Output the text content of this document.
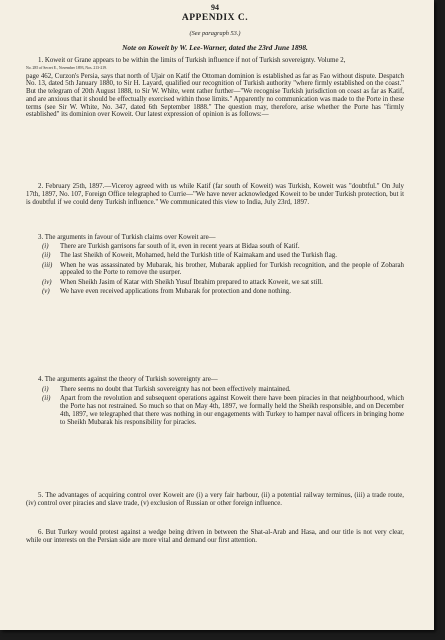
94
APPENDIX C.
(See paragraph 53.)
Note on Koweit by W. Lee-Warner, dated the 23rd June 1898.

1. Koweit or Grane appears to be within the limits of Turkish influence if not of Turkish sovereignty. Volume 2,

No. 285 of Secret E., November 1893, Nos. 213-219.

page 462, Curzon's Persia, says that north of Ujair on Katif the Ottoman dominion is established as far as Fao without dispute. Despatch No. 13, dated 5th January 1880, to Sir H. Layard, qualified our recognition of Turkish authority "where firmly established on the coast." But the telegram of 20th August 1888, to Sir W. White, went rather further—"We recognise Turkish jurisdiction on coast as far as Katif, and are anxious that it should be effectually exercised within those limits." Apparently no communication was made to the Porte in these terms (see Sir W. White, No. 347, dated 6th September 1888." The question may, therefore, arise whether the Porte has "firmly established" its dominion over Koweit. Our latest expression of opinion is as follows:—

2. February 25th, 1897.—Viceroy agreed with us while Katif (far south of Koweit) was Turkish, Koweit was "doubtful." On July 17th, 1897, No. 107, Foreign Office telegraphed to Currie—"We have never acknowledged Koweit to be under Turkish protection, but it is doubtful if we could deny Turkish influence." We communicated this view to India, July 23rd, 1897.
3. The arguments in favour of Turkish claims over Koweit are—
(i) There are Turkish garrisons far south of it, even in recent years at Bidaa south of Katif.
(ii) The last Sheikh of Koweit, Mohamed, held the Turkish title of Kaimakam and used the Turkish flag.
(iii) When he was assassinated by Mubarak, his brother, Mubarak applied for Turkish recognition, and the people of Zobarah appealed to the Porte to remove the usurper.
(iv) When Sheikh Jasim of Katar with Sheikh Yusuf Ibrahim prepared to attack Koweit, we sat still.
(v) We have even received applications from Mubarak for protection and done nothing.
4. The arguments against the theory of Turkish sovereignty are—
(i) There seems no doubt that Turkish sovereignty has not been effectively maintained.
(ii) Apart from the revolution and subsequent operations against Koweit there have been piracies in that neighbourhood, which the Porte has not restrained. So much so that on May 4th, 1897, we formally held the Sheikh responsible, and on December 4th, 1897, we telegraphed that there was nothing in our engagements with Turkey to hamper naval officers in bringing home to Sheikh Mubarak his responsibility for piracies.
5. The advantages of acquiring control over Koweit are (i) a very fair harbour, (ii) a potential railway terminus, (iii) a trade route, (iv) control over piracies and slave trade, (v) exclusion of Russian or other foreign influence.
6. But Turkey would protest against a wedge being driven in between the Shat-al-Arab and Hasa, and our title is not very clear, while our interests on the Persian side are more vital and demand our first attention.
